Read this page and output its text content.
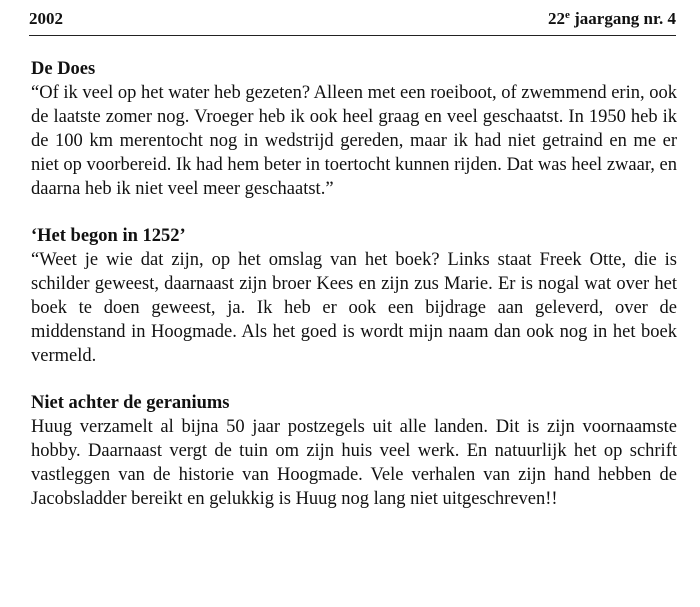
2002	22e jaargang nr. 4
De Does

“Of ik veel op het water heb gezeten? Alleen met een roeiboot, of zwemmend erin, ook de laatste zomer nog. Vroeger heb ik ook heel graag en veel geschaatst. In 1950 heb ik de 100 km merentocht nog in wedstrijd gereden, maar ik had niet getraind en me er niet op voorbereid. Ik had hem beter in toertocht kunnen rijden. Dat was heel zwaar, en daarna heb ik niet veel meer geschaatst.”

‘Het begon in 1252’

“Weet je wie dat zijn, op het omslag van het boek? Links staat Freek Otte, die is schilder geweest, daarnaast zijn broer Kees en zijn zus Marie. Er is nogal wat over het boek te doen geweest, ja. Ik heb er ook een bijdrage aan geleverd, over de middenstand in Hoogmade. Als het goed is wordt mijn naam dan ook nog in het boek vermeld.

Niet achter de geraniums

Huug verzamelt al bijna 50 jaar postzegels uit alle landen. Dit is zijn voornaamste hobby. Daarnaast vergt de tuin om zijn huis veel werk. En natuurlijk het op schrift vastleggen van de historie van Hoogmade. Vele verhalen van zijn hand hebben de Jacobsladder bereikt en gelukkig is Huug nog lang niet uitgeschreven!!
